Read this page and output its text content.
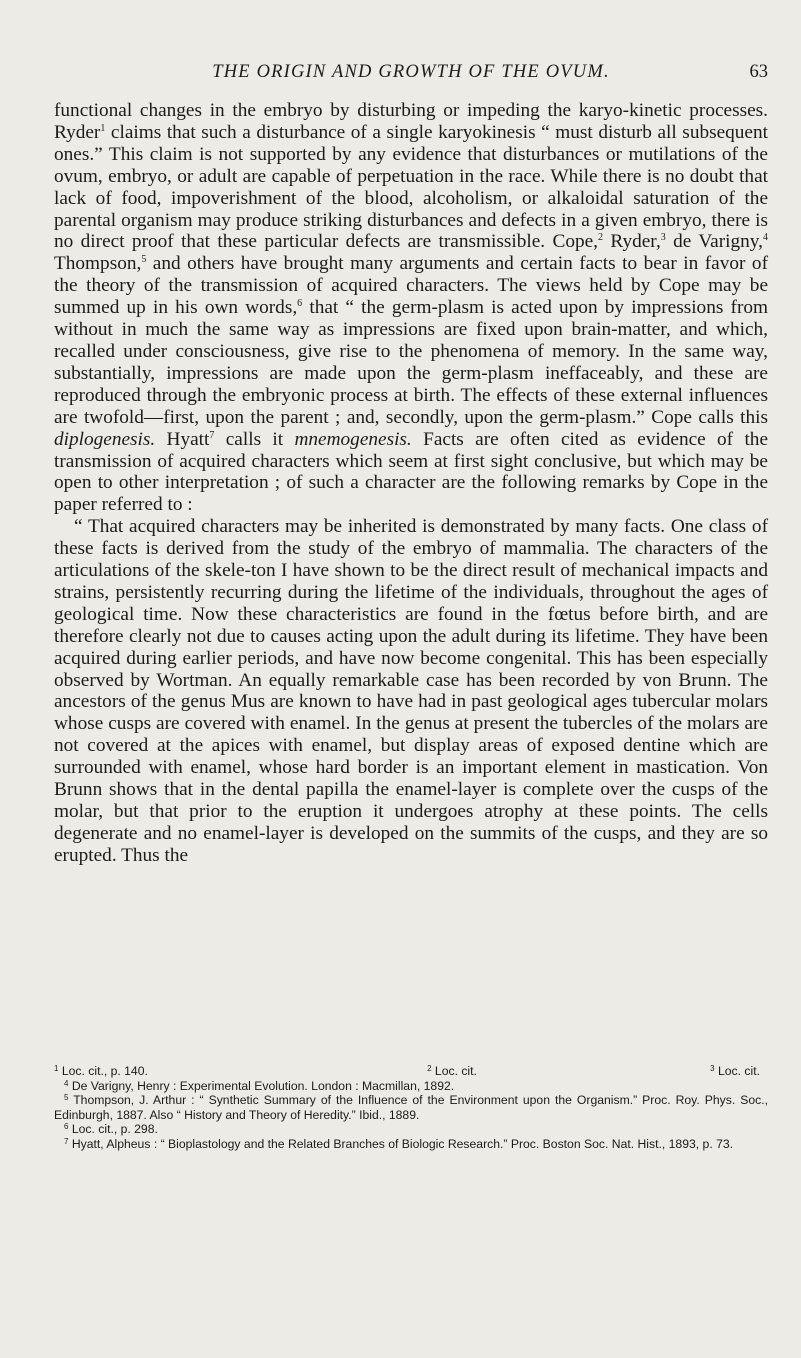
THE ORIGIN AND GROWTH OF THE OVUM.	63

functional changes in the embryo by disturbing or impeding the karyo-kinetic processes. Ryder$^1$ claims that such a disturbance of a single karyokinesis “ must disturb all subsequent ones.” This claim is not supported by any evidence that disturbances or mutilations of the ovum, embryo, or adult are capable of perpetuation in the race. While there is no doubt that lack of food, impoverishment of the blood, alcoholism, or alkaloidal saturation of the parental organism may produce striking disturbances and defects in a given embryo, there is no direct proof that these particular defects are transmissible. Cope,$^2$ Ryder,$^3$ de Varigny,$^4$ Thompson,$^5$ and others have brought many arguments and certain facts to bear in favor of the theory of the transmission of acquired characters. The views held by Cope may be summed up in his own words,$^6$ that “ the germ-plasm is acted upon by impressions from without in much the same way as impressions are fixed upon brain-matter, and which, recalled under consciousness, give rise to the phenomena of memory. In the same way, substantially, impressions are made upon the germ-plasm ineffaceably, and these are reproduced through the embryonic process at birth. The effects of these external influences are twofold—first, upon the parent ; and, secondly, upon the germ-plasm.” Cope calls this diplogenesis. Hyatt$^7$ calls it mnemogenesis. Facts are often cited as evidence of the transmission of acquired characters which seem at first sight conclusive, but which may be open to other interpretation ; of such a character are the following remarks by Cope in the paper referred to :

“ That acquired characters may be inherited is demonstrated by many facts. One class of these facts is derived from the study of the embryo of mammalia. The characters of the articulations of the skele-ton I have shown to be the direct result of mechanical impacts and strains, persistently recurring during the lifetime of the individuals, throughout the ages of geological time. Now these characteristics are found in the fœtus before birth, and are therefore clearly not due to causes acting upon the adult during its lifetime. They have been acquired during earlier periods, and have now become congenital. This has been especially observed by Wortman. An equally remarkable case has been recorded by von Brunn. The ancestors of the genus Mus are known to have had in past geological ages tubercular molars whose cusps are covered with enamel. In the genus at present the tubercles of the molars are not covered at the apices with enamel, but display areas of exposed dentine which are surrounded with enamel, whose hard border is an important element in mastication. Von Brunn shows that in the dental papilla the enamel-layer is complete over the cusps of the molar, but that prior to the eruption it undergoes atrophy at these points. The cells degenerate and no enamel-layer is developed on the summits of the cusps, and they are so erupted. Thus the

$^1$ Loc. cit., p. 140.	$^2$ Loc. cit.	$^3$ Loc. cit.

$^4$ De Varigny, Henry : Experimental Evolution. London : Macmillan, 1892.

$^5$ Thompson, J. Arthur : “ Synthetic Summary of the Influence of the Environment upon the Organism.” Proc. Roy. Phys. Soc., Edinburgh, 1887. Also “ History and Theory of Heredity.” Ibid., 1889.

$^6$ Loc. cit., p. 298.

$^7$ Hyatt, Alpheus : “ Bioplastology and the Related Branches of Biologic Research.” Proc. Boston Soc. Nat. Hist., 1893, p. 73.
